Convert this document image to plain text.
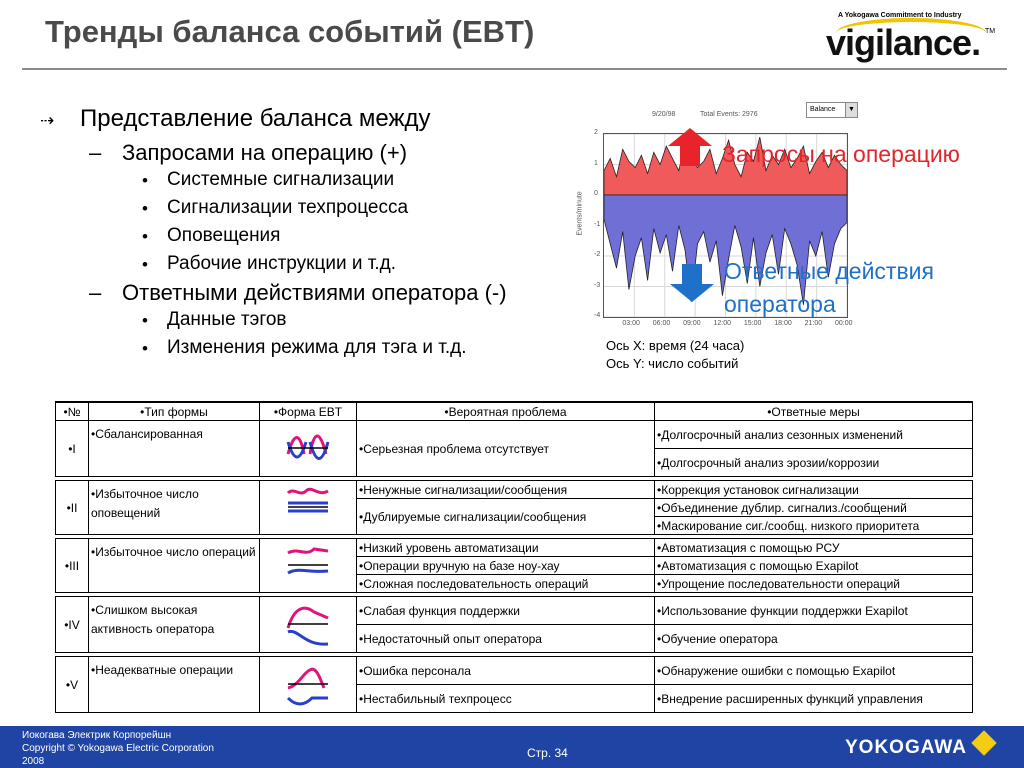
Тренды баланса событий (EBT)	A Yokogawa Commitment to Industry
vigilance. TM
⇢ Представление баланса между
– Запросами на операцию (+)
• Системные сигнализации
• Сигнализации техпроцесса
• Оповещения
• Рабочие инструкции и т.д.
– Ответными действиями оператора (-)
• Данные тэгов
• Изменения режима для тэга и т.д.
9/20/98	Total Events: 2976
Balance	▼
Events/minute
2
1
0
-1
-2
-3
-4
03:00 06:00 09:00 12:00 15:00 18:00 21:00 00:00
Запросы на операцию
Ответные действия
оператора
Ось X: время (24 часа)
Ось Y: число событий
•№	•Тип формы	•Форма EBT	•Вероятная проблема	•Ответные меры
•I	•Сбалансированная		•Серьезная проблема отсутствует	•Долгосрочный анализ сезонных изменений
				•Долгосрочный анализ эрозии/коррозии

•II	•Избыточное число оповещений		•Ненужные сигнализации/сообщения	•Коррекция установок сигнализации
			•Дублируемые сигнализации/сообщения	•Объединение дублир. сигнализ./сообщений
				•Маскирование сиг./сообщ. низкого приоритета

•III	•Избыточное число операций		•Низкий уровень автоматизации	•Автоматизация с помощью РСУ
			•Операции вручную на базе ноу-хау	•Автоматизация с помощью Exapilot
			•Сложная последовательность операций	•Упрощение последовательности операций

•IV	•Слишком высокая активность оператора		•Слабая функция поддержки	•Использование функции поддержки Exapilot
			•Недостаточный опыт оператора	•Обучение оператора

•V	•Неадекватные операции		•Ошибка персонала	•Обнаружение ошибки с помощью Exapilot
			•Нестабильный техпроцесс	•Внедрение расширенных функций управления
Иокогава Электрик Корпорейшн
Copyright © Yokogawa Electric Corporation
2008
Стр. 34	YOKOGAWA
